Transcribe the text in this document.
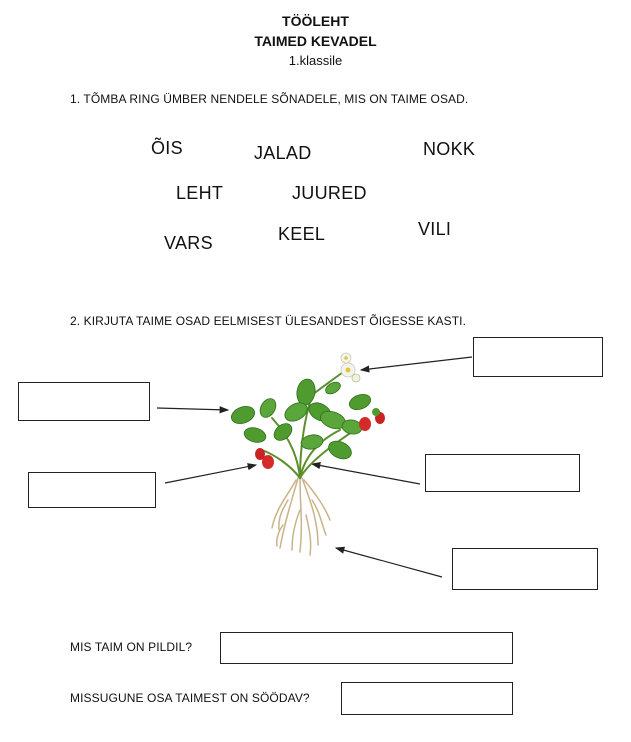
TÖÖLEHT
TAIMED KEVADEL
1.klassile
1. TÕMBA RING ÜMBER NENDELE SÕNADELE, MIS ON TAIME OSAD.
ÕIS	JALAD	NOKK
LEHT	JUURED
VARS	KEEL	VILI
2. KIRJUTA TAIME OSAD EELMISEST ÜLESANDEST ÕIGESSE KASTI.
MIS TAIM ON PILDIL?
MISSUGUNE OSA TAIMEST ON SÖÖDAV?
